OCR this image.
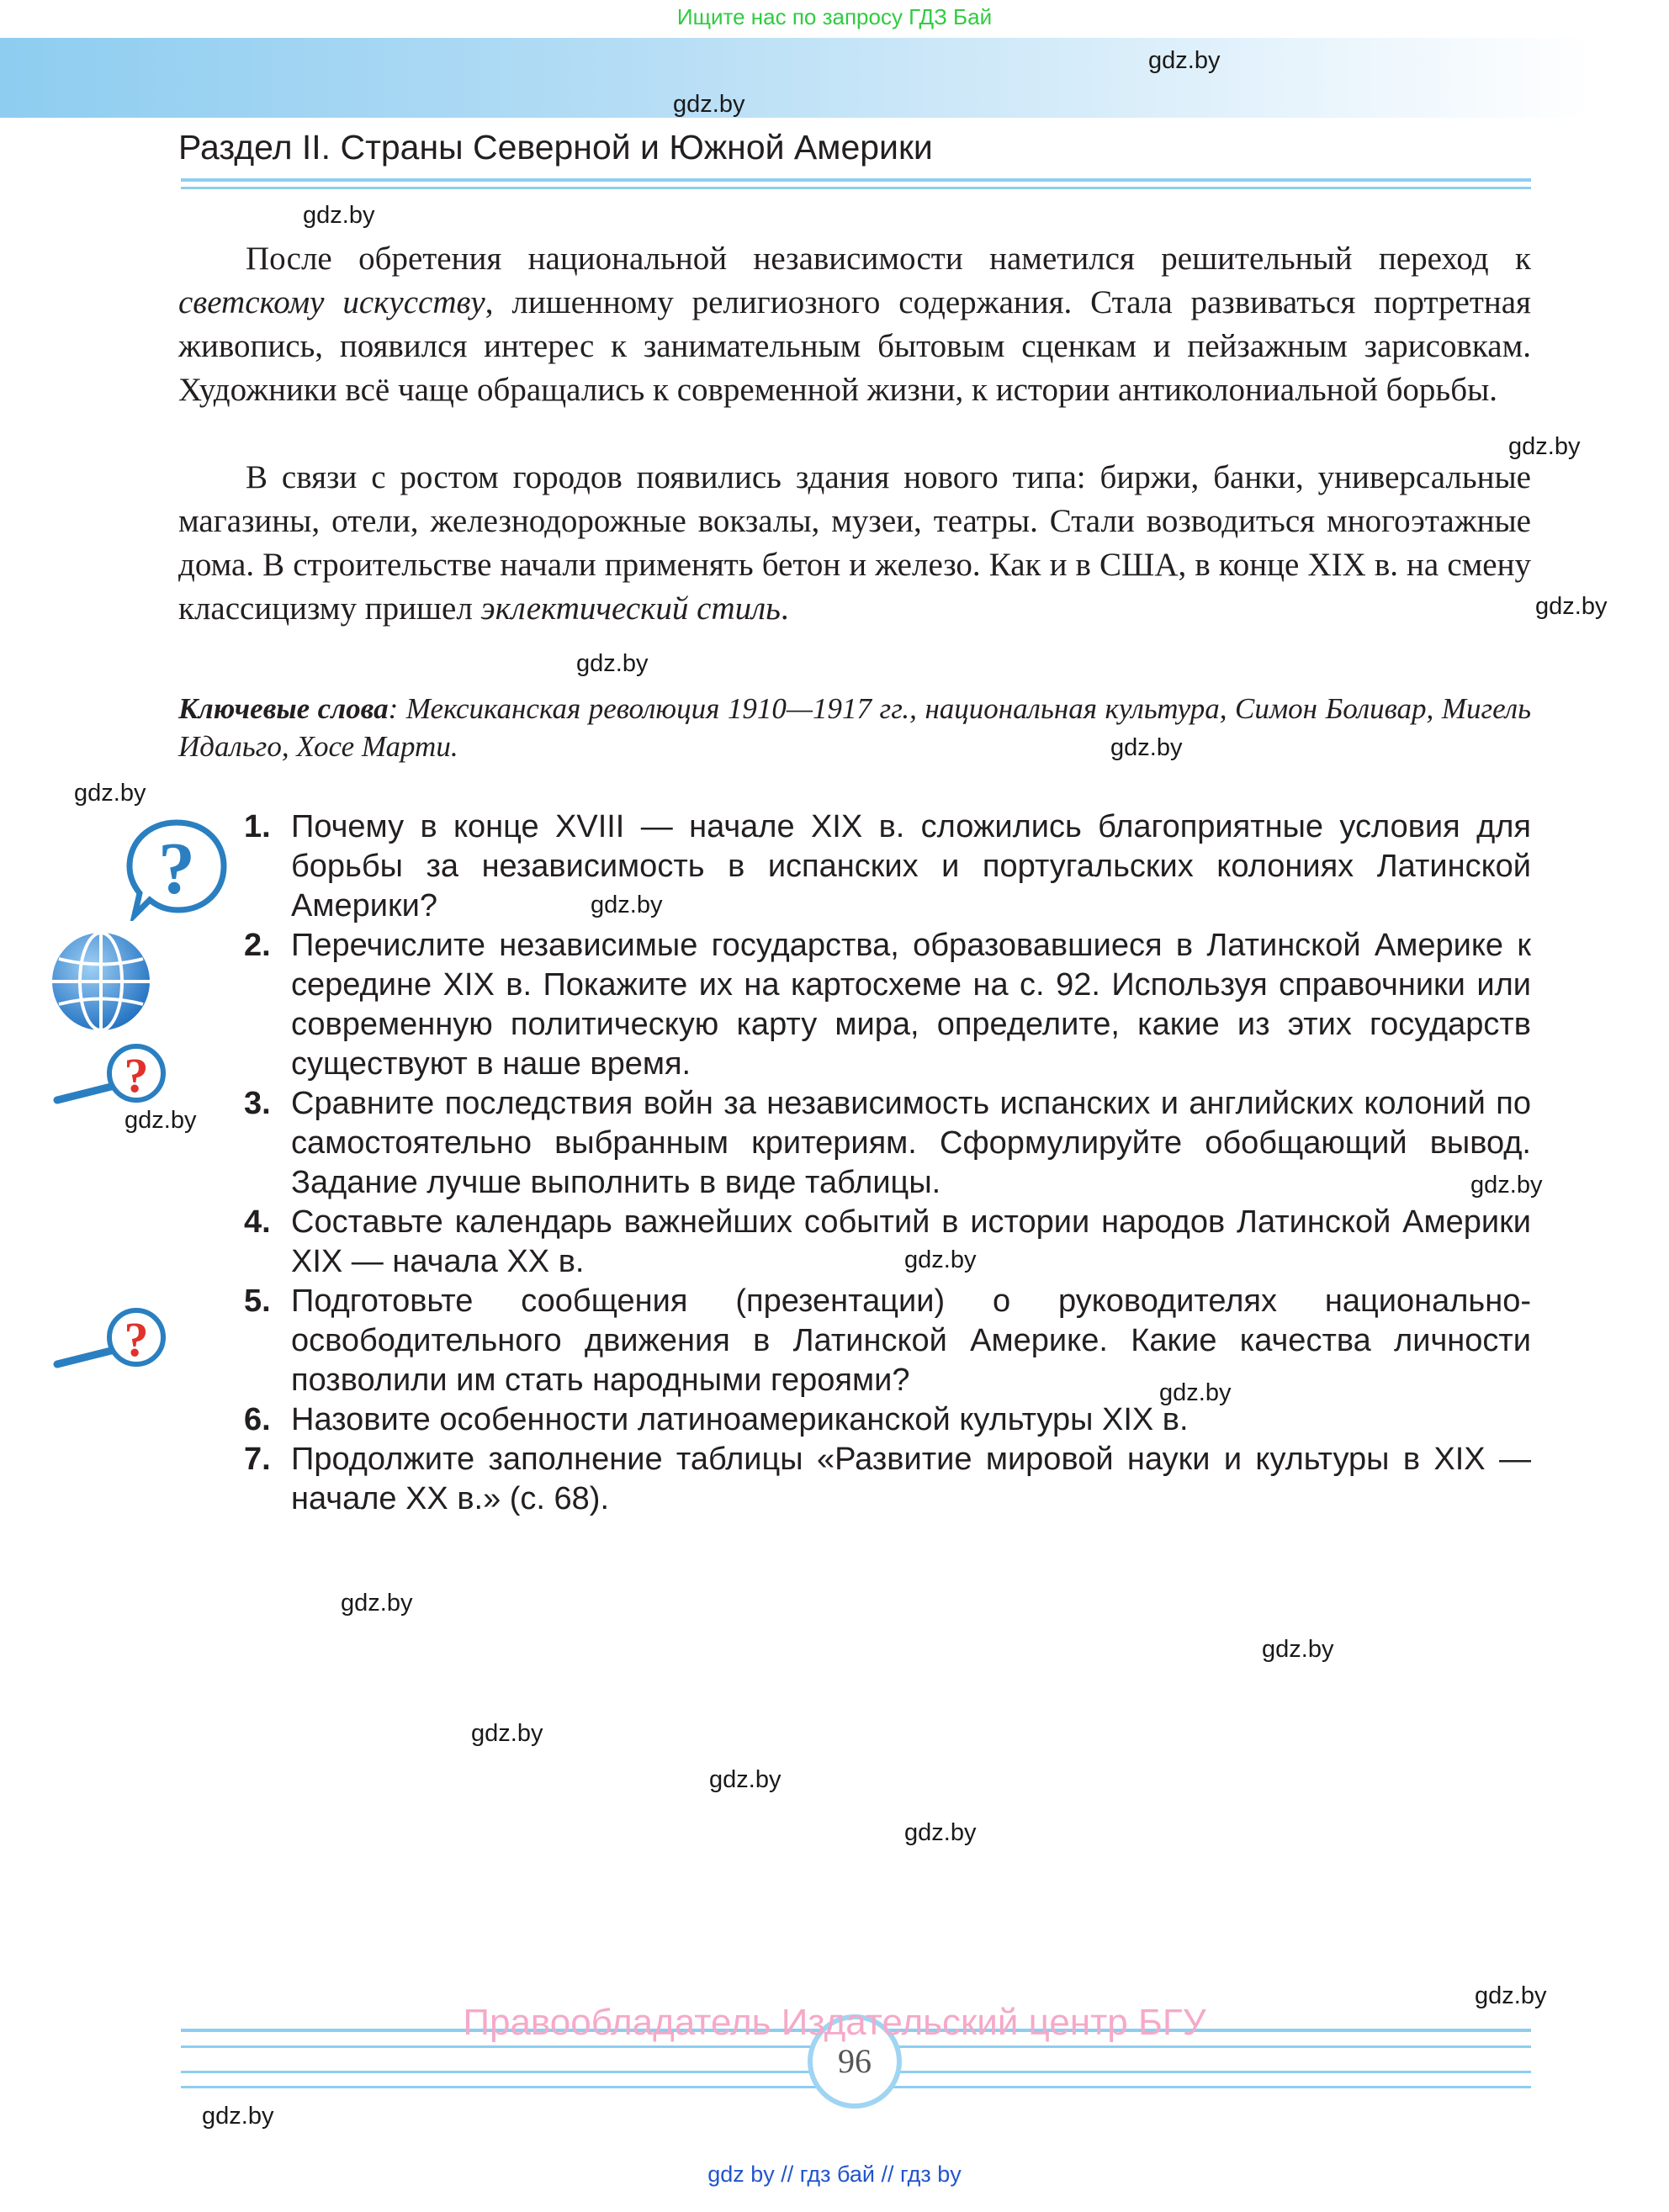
Ищите нас по запросу ГДЗ Бай
Раздел II. Страны Северной и Южной Америки
gdz.by
gdz.by
gdz.by
gdz.by
gdz.by
gdz.by
gdz.by
gdz.by
gdz.by
gdz.by
gdz.by
gdz.by
gdz.by
gdz.by
gdz.by
gdz.by
gdz.by
gdz.by
gdz.by
gdz.by
После обретения национальной независимости наметился решительный переход к светскому искусству, лишенному религиозного содержания. Стала развиваться портретная живопись, появился интерес к занимательным бытовым сценкам и пейзажным зарисовкам. Художники всё чаще обращались к современной жизни, к истории антиколониальной борьбы.
В связи с ростом городов появились здания нового типа: биржи, банки, универсальные магазины, отели, железнодорожные вокзалы, музеи, театры. Стали возводиться многоэтажные дома. В строительстве начали применять бетон и железо. Как и в США, в конце XIX в. на смену классицизму пришел эклектический стиль.
Ключевые слова: Мексиканская революция 1910—1917 гг., национальная культура, Симон Боливар, Мигель Идальго, Хосе Марти.
?
?
?
1. Почему в конце XVIII — начале XIX в. сложились благоприятные условия для борьбы за независимость в испанских и португальских колониях Латинской Америки?
2. Перечислите независимые государства, образовавшиеся в Латинской Америке к середине XIX в. Покажите их на картосхеме на с. 92. Используя справочники или современную политическую карту мира, определите, какие из этих государств существуют в наше время.
3. Сравните последствия войн за независимость испанских и английских колоний по самостоятельно выбранным критериям. Сформулируйте обобщающий вывод. Задание лучше выполнить в виде таблицы.
4. Составьте календарь важнейших событий в истории народов Латинской Америки XIX — начала XX в.
5. Подготовьте сообщения (презентации) о руководителях национально-освободительного движения в Латинской Америке. Какие качества личности позволили им стать народными героями?
6. Назовите особенности латиноамериканской культуры XIX в.
7. Продолжите заполнение таблицы «Развитие мировой науки и культуры в XIX — начале XX в.» (с. 68).
96
Правообладатель Издательский центр БГУ
gdz by // гдз бай // гдз by
